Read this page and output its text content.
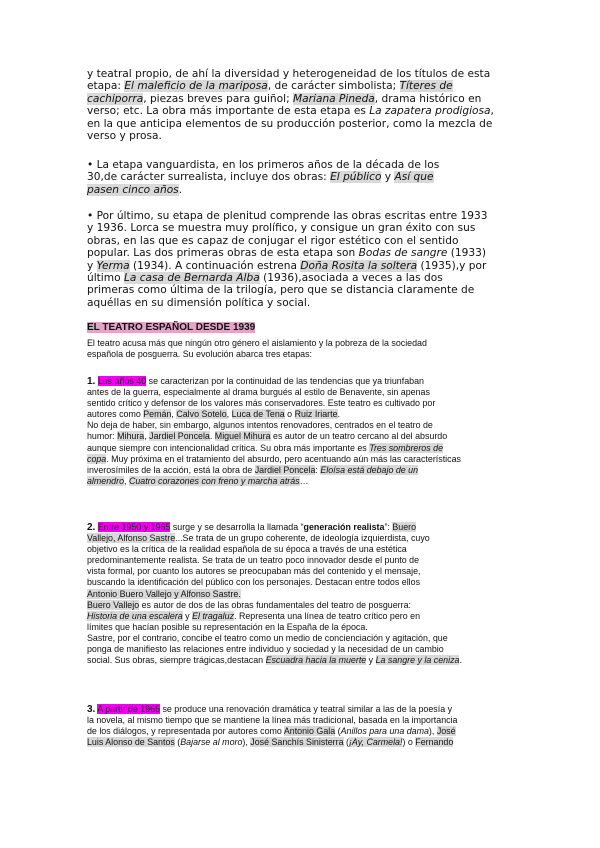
y teatral propio, de ahí la diversidad y heterogeneidad de los títulos de esta

etapa: El maleficio de la mariposa, de carácter simbolista; Títeres de

cachiporra, piezas breves para guiñol; Mariana Pineda, drama histórico en

verso; etc. La obra más importante de esta etapa es La zapatera prodigiosa,

en la que anticipa elementos de su producción posterior, como la mezcla de

verso y prosa.

• La etapa vanguardista, en los primeros años de la década de los

30,de carácter surrealista, incluye dos obras: El público y Así que

pasen cinco años.

• Por último, su etapa de plenitud comprende las obras escritas entre 1933

y 1936. Lorca se muestra muy prolífico, y consigue un gran éxito con sus

obras, en las que es capaz de conjugar el rigor estético con el sentido

popular. Las dos primeras obras de esta etapa son Bodas de sangre (1933)

y Yerma (1934). A continuación estrena Doña Rosita la soltera (1935),y por

último La casa de Bernarda Alba (1936),asociada a veces a las dos

primeras como última de la trilogía, pero que se distancia claramente de

aquéllas en su dimensión política y social.

EL TEATRO ESPAÑOL DESDE 1939

El teatro acusa más que ningún otro género el aislamiento y la pobreza de la sociedad

española de posguerra. Su evolución abarca tres etapas:

1. Los años 40 se caracterizan por la continuidad de las tendencias que ya triunfaban

antes de la guerra, especialmente al drama burgués al estilo de Benavente, sin apenas

sentido crítico y defensor de los valores más conservadores. Este teatro es cultivado por

autores como Pemán, Calvo Sotelo, Luca de Tena o Ruiz Iriarte.

No deja de haber, sin embargo, algunos intentos renovadores, centrados en el teatro de

humor: Mihura, Jardiel Poncela. Miguel Mihura es autor de un teatro cercano al del absurdo

aunque siempre con intencionalidad crítica. Su obra más importante es Tres sombreros de

copa. Muy próxima en el tratamiento del absurdo, pero acentuando aún más las características

inverosímiles de la acción, está la obra de Jardiel Poncela: Eloísa está debajo de un

almendro, Cuatro corazones con freno y marcha atrás…

2. Entre 1950 y 1965 surge y se desarrolla la llamada “generación realista”: Buero

Vallejo, Alfonso Sastre...Se trata de un grupo coherente, de ideología izquierdista, cuyo

objetivo es la crítica de la realidad española de su época a través de una estética

predominantemente realista. Se trata de un teatro poco innovador desde el punto de

vista formal, por cuanto los autores se preocupaban más del contenido y el mensaje,

buscando la identificación del público con los personajes. Destacan entre todos ellos

Antonio Buero Vallejo y Alfonso Sastre.

Buero Vallejo es autor de dos de las obras fundamentales del teatro de posguerra:

Historia de una escalera y El tragaluz. Representa una línea de teatro crítico pero en

límites que hacían posible su representación en la España de la época.

Sastre, por el contrario, concibe el teatro como un medio de concienciación y agitación, que

ponga de manifiesto las relaciones entre individuo y sociedad y la necesidad de un cambio

social. Sus obras, siempre trágicas,destacan Escuadra hacia la muerte y La sangre y la ceniza.

3. A partir de 1965 se produce una renovación dramática y teatral similar a las de la poesía y

la novela, al mismo tiempo que se mantiene la línea más tradicional, basada en la importancia

de los diálogos, y representada por autores como Antonio Gala (Anillos para una dama), José

Luis Alonso de Santos (Bajarse al moro), José Sanchís Sinisterra (¡Ay, Carmela!) o Fernando
